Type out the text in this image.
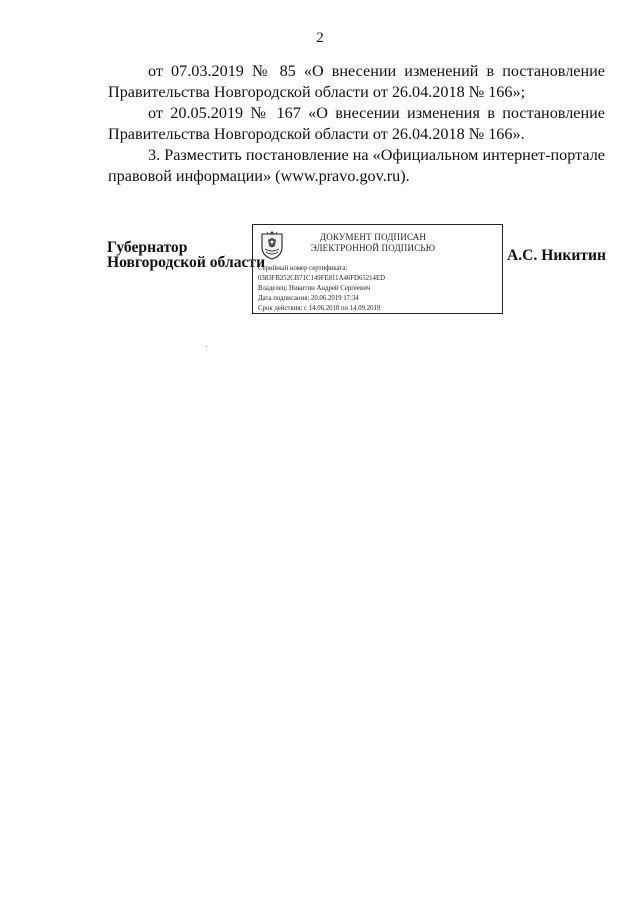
2

от 07.03.2019 № 85 «О внесении изменений в постановление Правительства Новгородской области от 26.04.2018 № 166»;

от 20.05.2019 № 167 «О внесении изменения в постановление Правительства Новгородской области от 26.04.2018 № 166».

3. Разместить постановление на «Официальном интернет-портале правовой информации» (www.pravo.gov.ru).

Губернатор
Новгородской области
ДОКУМЕНТ ПОДПИСАН
ЭЛЕКТРОННОЙ ПОДПИСЬЮ
Серийный номер сертификата:
0383FB252CB71C149FE811A46FD65214ED
Владелец: Никитин Андрей Сергеевич
Дата подписания: 20.06.2019 17:34
Срок действия: с 14.06.2018 по 14.09.2019
А.С. Никитин
